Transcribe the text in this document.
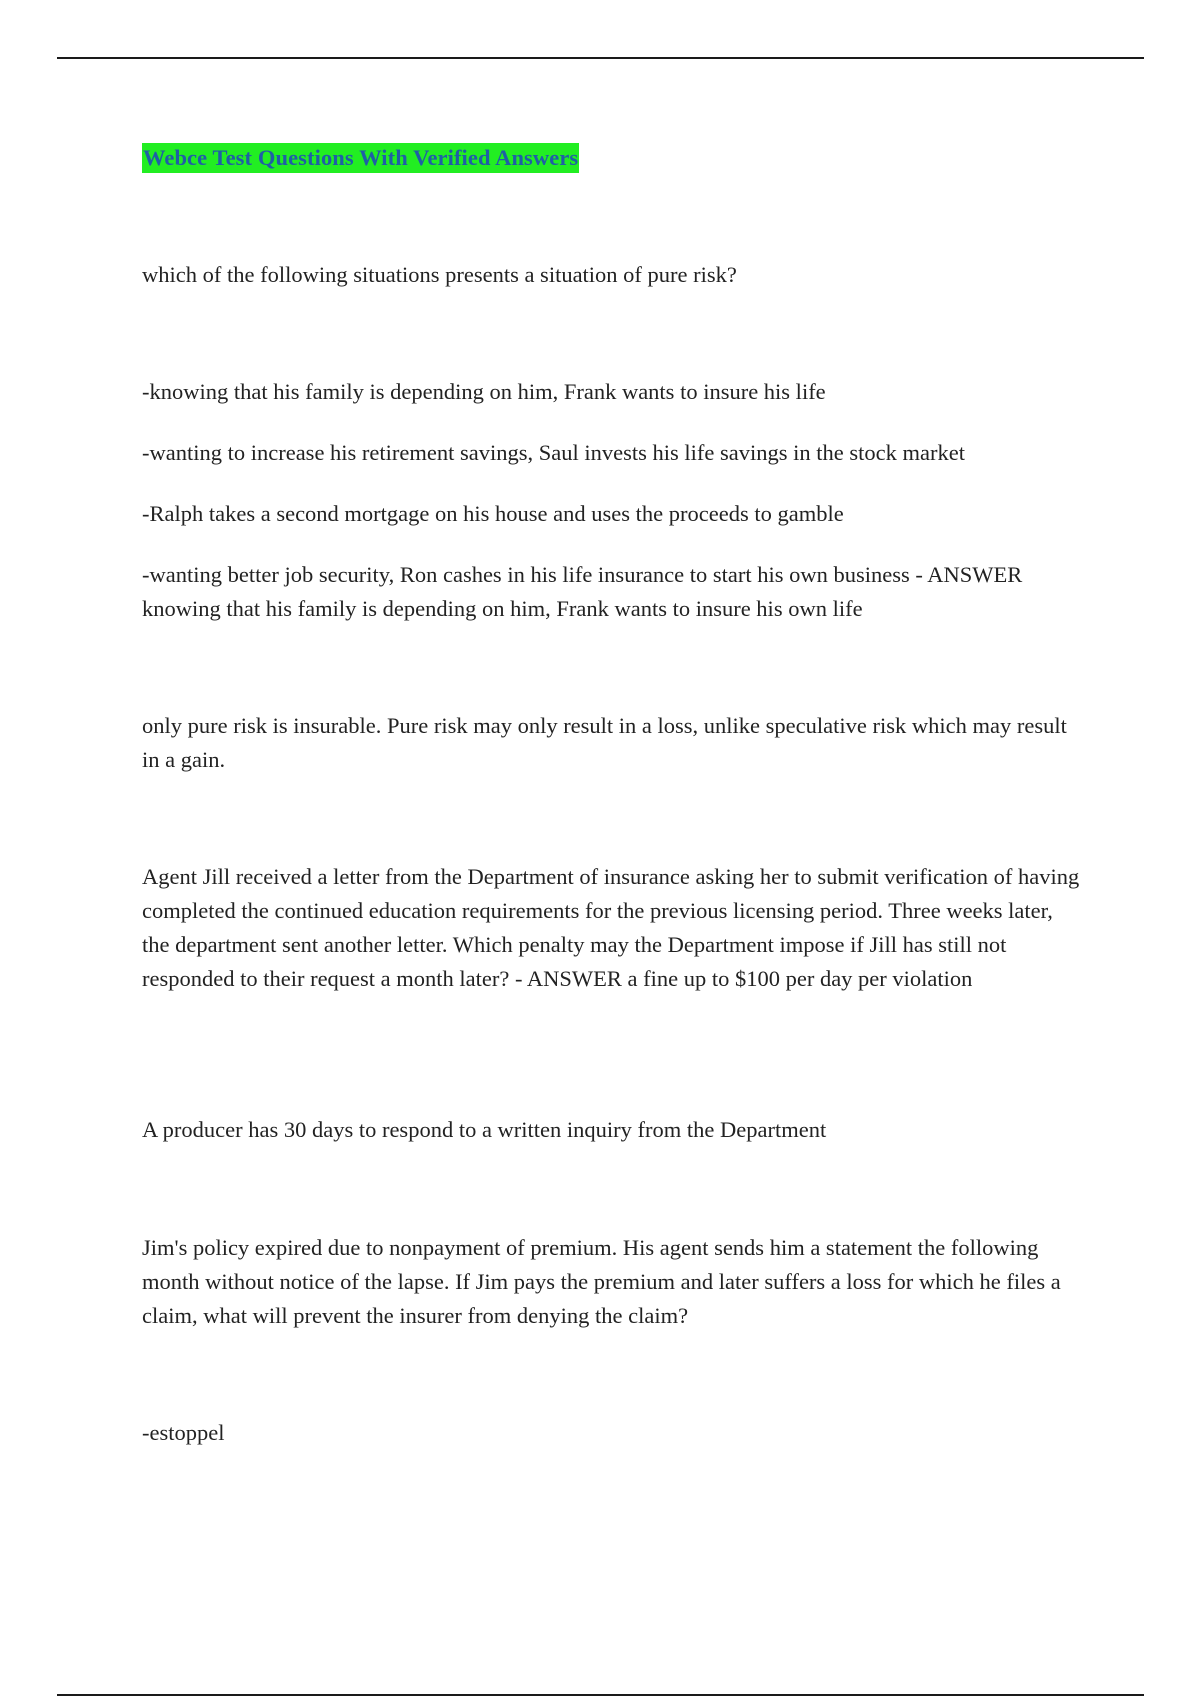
Webce Test Questions With Verified Answers

which of the following situations presents a situation of pure risk?

-knowing that his family is depending on him, Frank wants to insure his life

-wanting to increase his retirement savings, Saul invests his life savings in the stock market

-Ralph takes a second mortgage on his house and uses the proceeds to gamble

-wanting better job security, Ron cashes in his life insurance to start his own business - ANSWER knowing that his family is depending on him, Frank wants to insure his own life

only pure risk is insurable. Pure risk may only result in a loss, unlike speculative risk which may result in a gain.

Agent Jill received a letter from the Department of insurance asking her to submit verification of having completed the continued education requirements for the previous licensing period. Three weeks later, the department sent another letter. Which penalty may the Department impose if Jill has still not responded to their request a month later? - ANSWER a fine up to $100 per day per violation

A producer has 30 days to respond to a written inquiry from the Department

Jim's policy expired due to nonpayment of premium. His agent sends him a statement the following month without notice of the lapse. If Jim pays the premium and later suffers a loss for which he files a claim, what will prevent the insurer from denying the claim?

-estoppel
